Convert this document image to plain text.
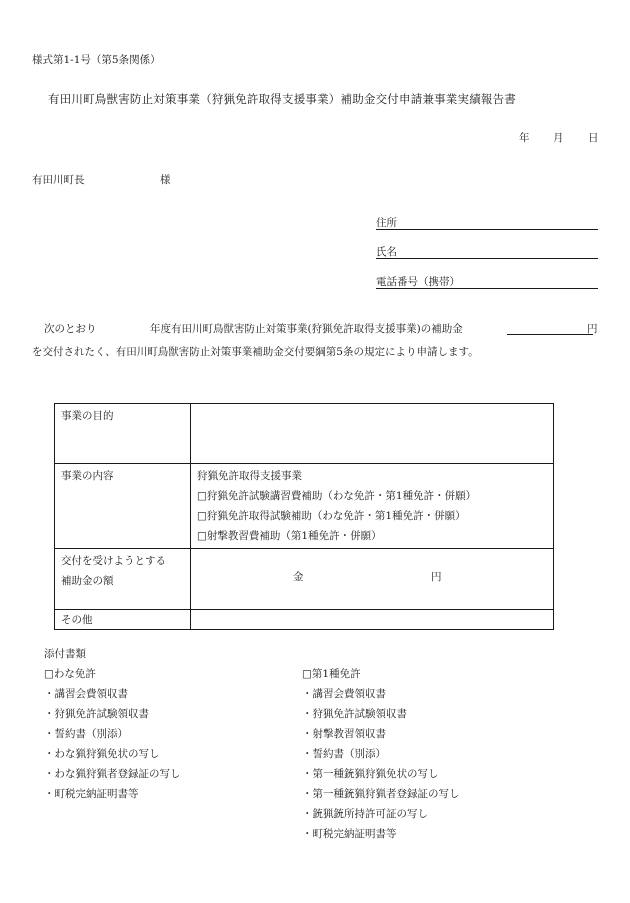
様式第1-1号（第5条関係）
有田川町鳥獣害防止対策事業（狩猟免許取得支援事業）補助金交付申請兼事業実績報告書
年 月 日
有田川町長	様
住所
氏名
電話番号（携帯）
次のとおり	年度有田川町鳥獣害防止対策事業(狩猟免許取得支援事業)の補助金	円
を交付されたく、有田川町鳥獣害防止対策事業補助金交付要綱第5条の規定により申請します。
事業の目的	
事業の内容	狩猟免許取得支援事業
□狩猟免許試験講習費補助（わな免許・第1種免許・併願）
□狩猟免許取得試験補助（わな免許・第1種免許・併願）
□射撃教習費補助（第1種免許・併願）

交付を受けようとする
補助金の額	金 円

その他	
添付書類
□わな免許
・講習会費領収書
・狩猟免許試験領収書
・誓約書（別添）
・わな猟狩猟免状の写し
・わな猟狩猟者登録証の写し
・町税完納証明書等
□第1種免許
・講習会費領収書
・狩猟免許試験領収書
・射撃教習領収書
・誓約書（別添）
・第一種銃猟狩猟免状の写し
・第一種銃猟狩猟者登録証の写し
・銃猟銃所持許可証の写し
・町税完納証明書等
